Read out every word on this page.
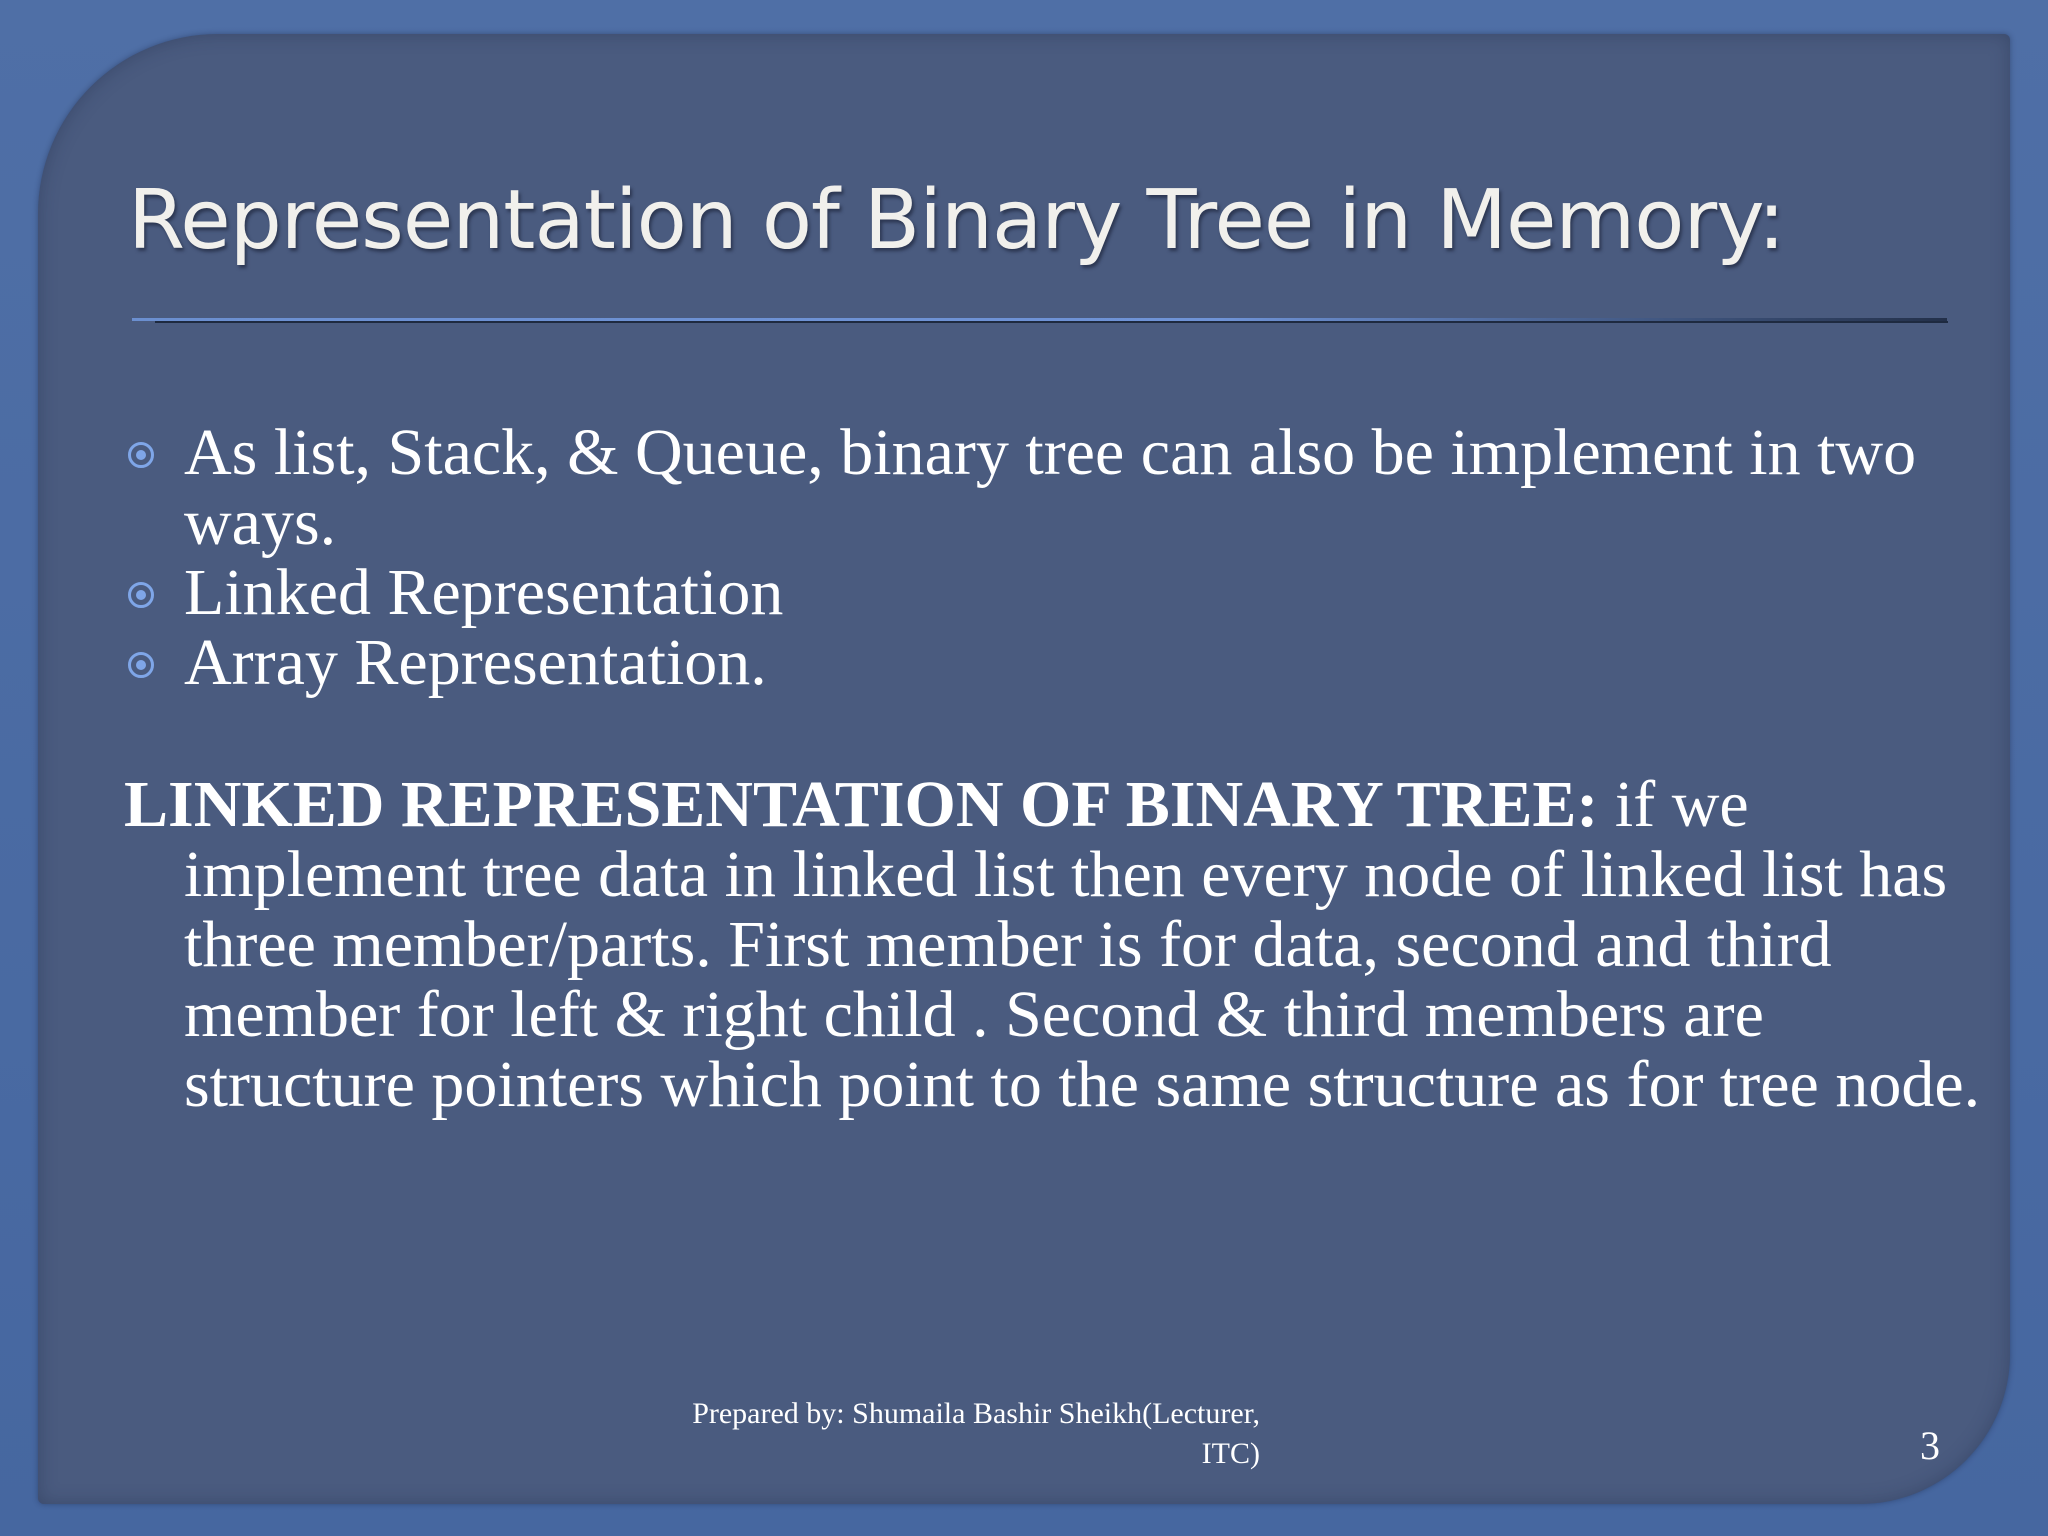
Representation of Binary Tree in Memory:
As list, Stack, & Queue, binary tree can also be implement in two ways.
Linked Representation
Array Representation.

LINKED REPRESENTATION OF BINARY TREE: if we implement tree data in linked list then every node of linked list has three member/parts. First member is for data, second and third member for left & right child . Second & third members are structure pointers which point to the same structure as for tree node.

Prepared by: Shumaila Bashir Sheikh(Lecturer,
ITC)	3
